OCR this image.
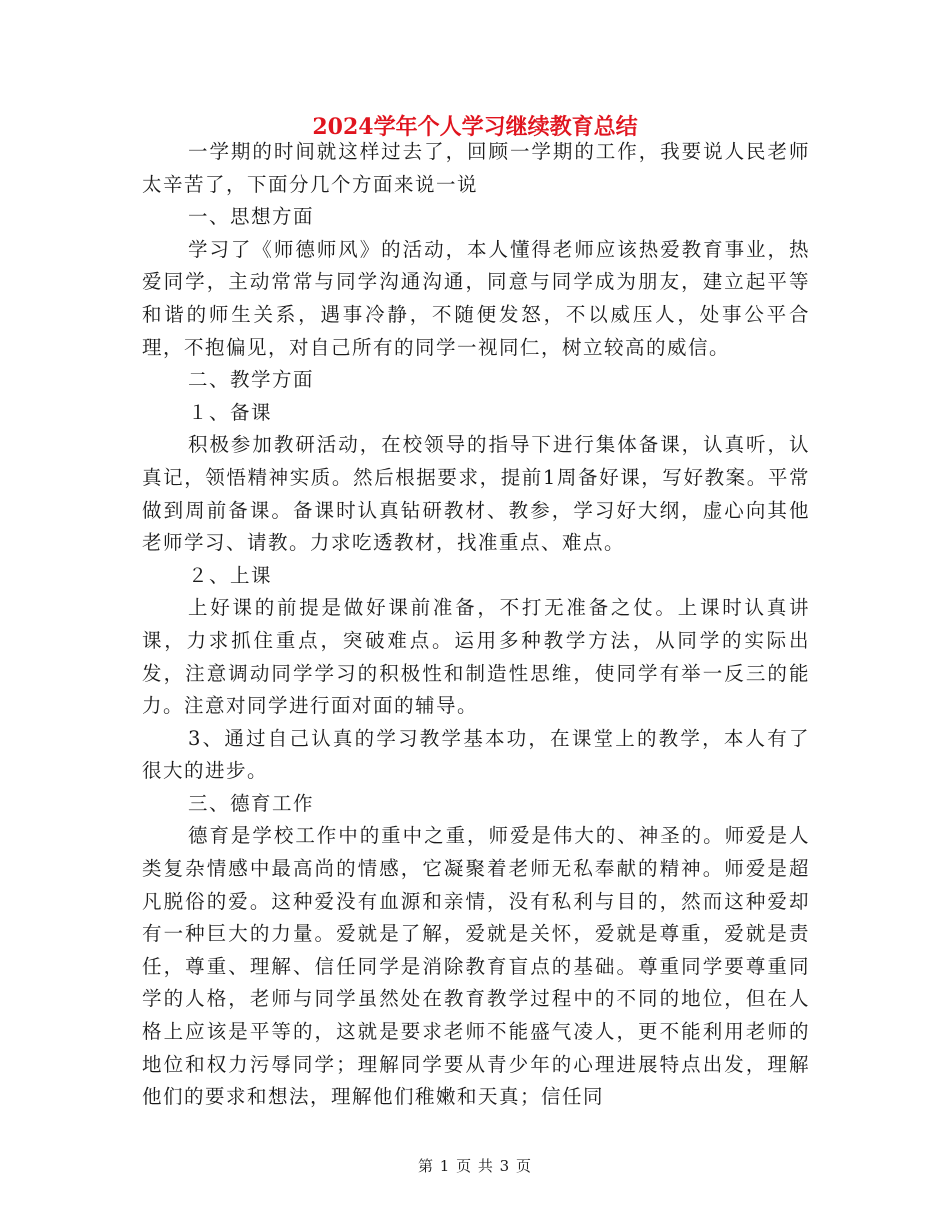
2024学年个人学习继续教育总结

一学期的时间就这样过去了，回顾一学期的工作，我要说人民老师太辛苦了，下面分几个方面来说一说

一、思想方面

学习了《师德师风》的活动，本人懂得老师应该热爱教育事业，热爱同学，主动常常与同学沟通沟通，同意与同学成为朋友，建立起平等和谐的师生关系，遇事冷静，不随便发怒，不以威压人，处事公平合理，不抱偏见，对自己所有的同学一视同仁，树立较高的威信。

二、教学方面

１、备课

积极参加教研活动，在校领导的指导下进行集体备课，认真听，认真记，领悟精神实质。然后根据要求，提前1周备好课，写好教案。平常做到周前备课。备课时认真钻研教材、教参，学习好大纲，虚心向其他老师学习、请教。力求吃透教材，找准重点、难点。

２、上课

上好课的前提是做好课前准备，不打无准备之仗。上课时认真讲课，力求抓住重点，突破难点。运用多种教学方法，从同学的实际出发，注意调动同学学习的积极性和制造性思维，使同学有举一反三的能力。注意对同学进行面对面的辅导。

3、通过自己认真的学习教学基本功，在课堂上的教学，本人有了很大的进步。

三、德育工作

德育是学校工作中的重中之重，师爱是伟大的、神圣的。师爱是人类复杂情感中最高尚的情感，它凝聚着老师无私奉献的精神。师爱是超凡脱俗的爱。这种爱没有血源和亲情，没有私利与目的，然而这种爱却有一种巨大的力量。爱就是了解，爱就是关怀，爱就是尊重，爱就是责任，尊重、理解、信任同学是消除教育盲点的基础。尊重同学要尊重同学的人格，老师与同学虽然处在教育教学过程中的不同的地位，但在人格上应该是平等的，这就是要求老师不能盛气凌人，更不能利用老师的地位和权力污辱同学；理解同学要从青少年的心理进展特点出发，理解他们的要求和想法，理解他们稚嫩和天真；信任同

第 1 页 共 3 页
